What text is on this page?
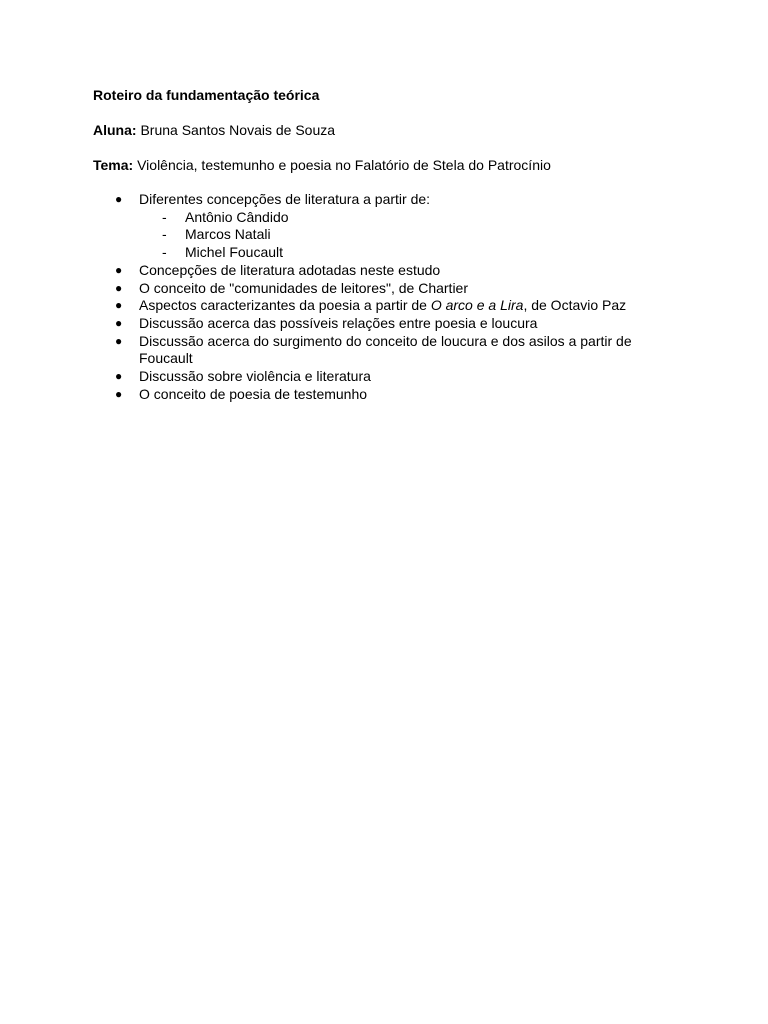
Roteiro da fundamentação teórica

Aluna: Bruna Santos Novais de Souza

Tema: Violência, testemunho e poesia no Falatório de Stela do Patrocínio

● Diferentes concepções de literatura a partir de:
- Antônio Cândido
- Marcos Natali
- Michel Foucault
● Concepções de literatura adotadas neste estudo
● O conceito de "comunidades de leitores", de Chartier
● Aspectos caracterizantes da poesia a partir de O arco e a Lira, de Octavio Paz
● Discussão acerca das possíveis relações entre poesia e loucura
● Discussão acerca do surgimento do conceito de loucura e dos asilos a partir de Foucault
● Discussão sobre violência e literatura
● O conceito de poesia de testemunho
